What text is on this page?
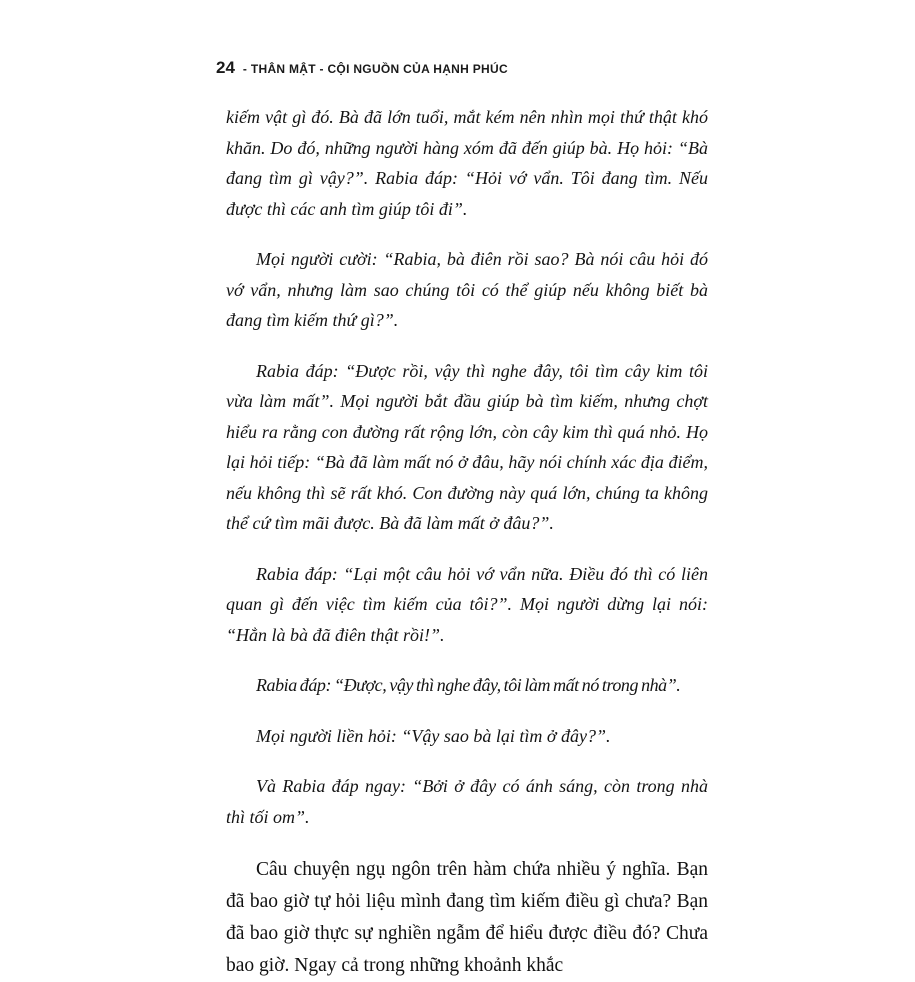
24 - THÂN MẬT - CỘI NGUỒN CỦA HẠNH PHÚC

kiếm vật gì đó. Bà đã lớn tuổi, mắt kém nên nhìn mọi thứ thật khó khăn. Do đó, những người hàng xóm đã đến giúp bà. Họ hỏi: “Bà đang tìm gì vậy?”. Rabia đáp: “Hỏi vớ vẩn. Tôi đang tìm. Nếu được thì các anh tìm giúp tôi đi”.

Mọi người cười: “Rabia, bà điên rồi sao? Bà nói câu hỏi đó vớ vẩn, nhưng làm sao chúng tôi có thể giúp nếu không biết bà đang tìm kiếm thứ gì?”.

Rabia đáp: “Được rồi, vậy thì nghe đây, tôi tìm cây kim tôi vừa làm mất”. Mọi người bắt đầu giúp bà tìm kiếm, nhưng chợt hiểu ra rằng con đường rất rộng lớn, còn cây kim thì quá nhỏ. Họ lại hỏi tiếp: “Bà đã làm mất nó ở đâu, hãy nói chính xác địa điểm, nếu không thì sẽ rất khó. Con đường này quá lớn, chúng ta không thể cứ tìm mãi được. Bà đã làm mất ở đâu?”.

Rabia đáp: “Lại một câu hỏi vớ vẩn nữa. Điều đó thì có liên quan gì đến việc tìm kiếm của tôi?”. Mọi người dừng lại nói: “Hẳn là bà đã điên thật rồi!”.

Rabia đáp: “Được, vậy thì nghe đây, tôi làm mất nó trong nhà”.

Mọi người liền hỏi: “Vậy sao bà lại tìm ở đây?”.

Và Rabia đáp ngay: “Bởi ở đây có ánh sáng, còn trong nhà thì tối om”.

Câu chuyện ngụ ngôn trên hàm chứa nhiều ý nghĩa. Bạn đã bao giờ tự hỏi liệu mình đang tìm kiếm điều gì chưa? Bạn đã bao giờ thực sự nghiền ngẫm để hiểu được điều đó? Chưa bao giờ. Ngay cả trong những khoảnh khắc
